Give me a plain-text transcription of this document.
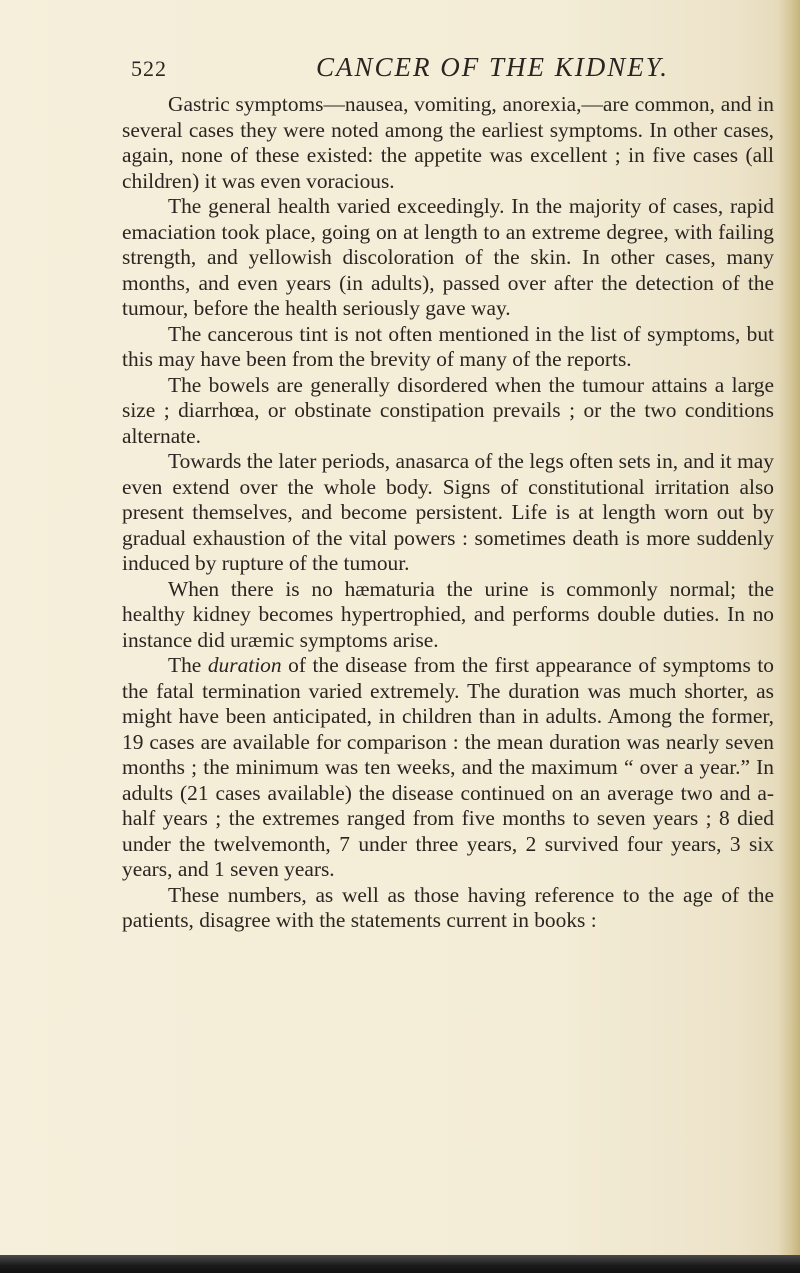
522	CANCER OF THE KIDNEY.

Gastric symptoms—nausea, vomiting, anorexia,—are common, and in several cases they were noted among the earliest symptoms. In other cases, again, none of these existed: the appetite was excellent ; in five cases (all children) it was even voracious.

The general health varied exceedingly. In the majority of cases, rapid emaciation took place, going on at length to an extreme degree, with failing strength, and yellowish discoloration of the skin. In other cases, many months, and even years (in adults), passed over after the detection of the tumour, before the health seriously gave way.

The cancerous tint is not often mentioned in the list of symptoms, but this may have been from the brevity of many of the reports.

The bowels are generally disordered when the tumour attains a large size ; diarrhœa, or obstinate constipation prevails ; or the two conditions alternate.

Towards the later periods, anasarca of the legs often sets in, and it may even extend over the whole body. Signs of constitutional irritation also present themselves, and become persistent. Life is at length worn out by gradual exhaustion of the vital powers : sometimes death is more suddenly induced by rupture of the tumour.

When there is no hæmaturia the urine is commonly normal; the healthy kidney becomes hypertrophied, and performs double duties. In no instance did uræmic symptoms arise.

The duration of the disease from the first appearance of symptoms to the fatal termination varied extremely. The duration was much shorter, as might have been anticipated, in children than in adults. Among the former, 19 cases are available for comparison : the mean duration was nearly seven months ; the minimum was ten weeks, and the maximum “ over a year.” In adults (21 cases available) the disease continued on an average two and a-half years ; the extremes ranged from five months to seven years ; 8 died under the twelvemonth, 7 under three years, 2 survived four years, 3 six years, and 1 seven years.

These numbers, as well as those having reference to the age of the patients, disagree with the statements current in books :
